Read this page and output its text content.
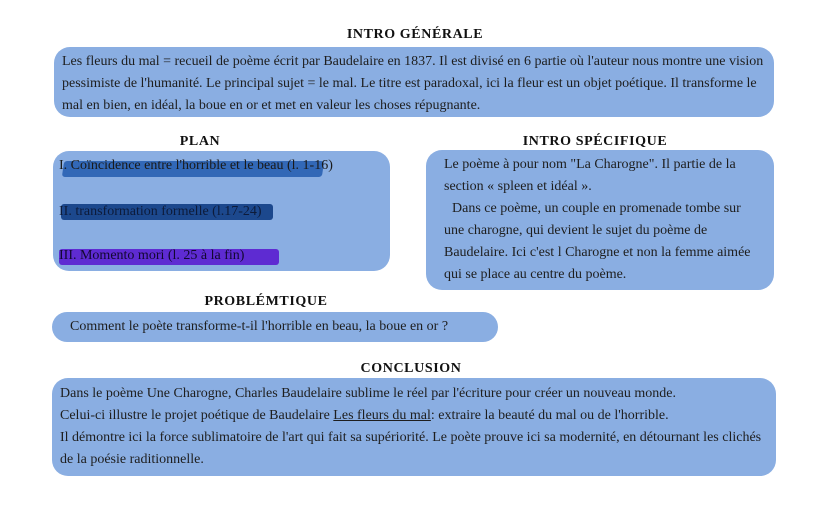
INTRO GÉNÉRALE

Les fleurs du mal = recueil de poème écrit par Baudelaire en 1837. Il est divisé en 6 partie où l'auteur nous montre une vision pessimiste de l'humanité. Le principal sujet = le mal. Le titre est paradoxal, ici la fleur est un objet poétique. Il transforme le mal en bien, en idéal, la boue en or et met en valeur les choses répugnante.

PLAN
I. Coïncidence entre l'horrible et le beau (l. 1-16)
II. transformation formelle (l.17-24)
III. Momento mori (l. 25 à la fin)
INTRO SPÉCIFIQUE

Le poème à pour nom "La Charogne". Il partie de la section « spleen et idéal ».

Dans ce poème, un couple en promenade tombe sur une charogne, qui devient le sujet du poème de Baudelaire. Ici c'est l Charogne et non la femme aimée qui se place au centre du poème.

PROBLÉMTIQUE

Comment le poète transforme-t-il l'horrible en beau, la boue en or ?

CONCLUSION

Dans le poème Une Charogne, Charles Baudelaire sublime le réel par l'écriture pour créer un nouveau monde.

Celui-ci illustre le projet poétique de Baudelaire Les fleurs du mal: extraire la beauté du mal ou de l'horrible.

Il démontre ici la force sublimatoire de l'art qui fait sa supériorité. Le poète prouve ici sa modernité, en détournant les clichés de la poésie raditionnelle.
